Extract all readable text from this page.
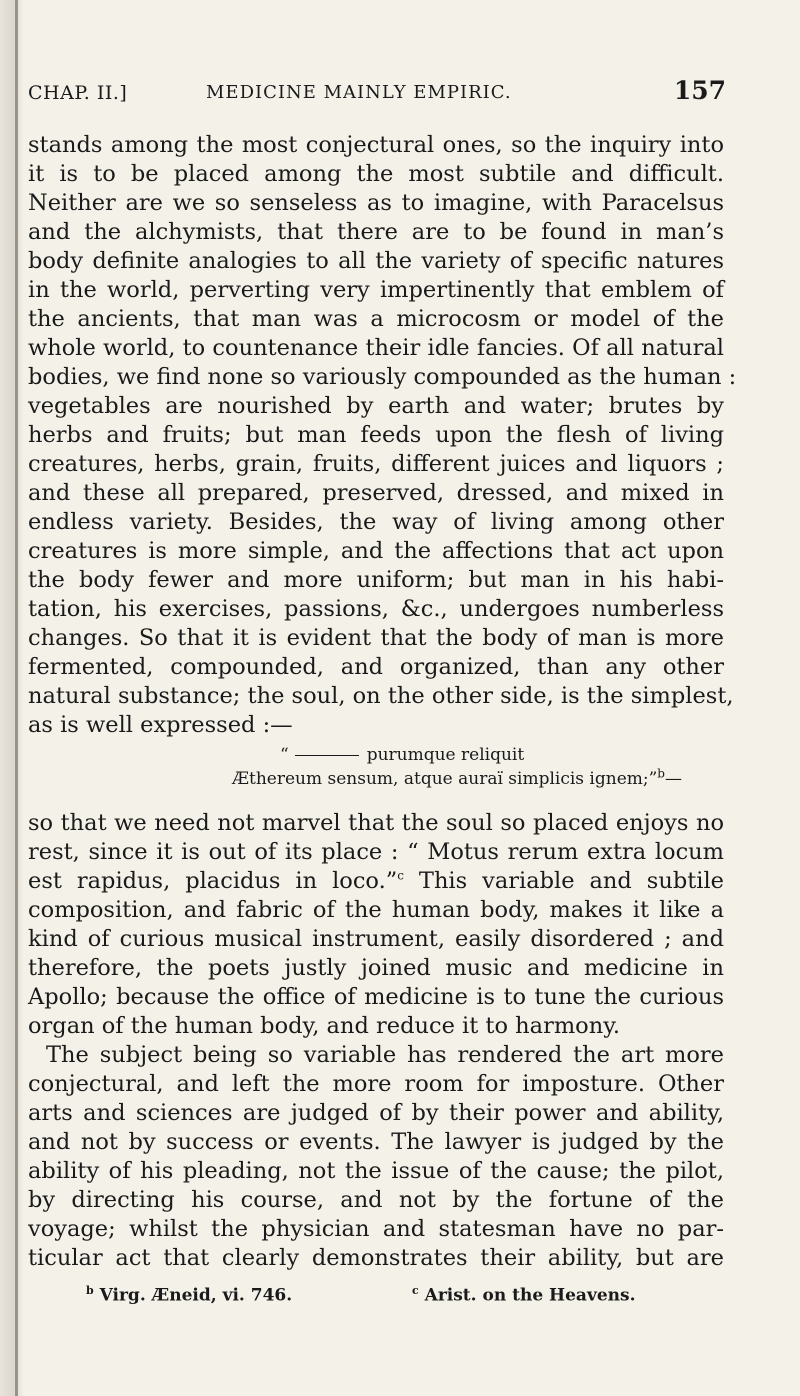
CHAP. II.]	MEDICINE MAINLY EMPIRIC.	157
stands among the most conjectural ones, so the inquiry into
it is to be placed among the most subtile and difficult.
Neither are we so senseless as to imagine, with Paracelsus
and the alchymists, that there are to be found in man’s
body definite analogies to all the variety of specific natures
in the world, perverting very impertinently that emblem of
the ancients, that man was a microcosm or model of the
whole world, to countenance their idle fancies. Of all natural
bodies, we find none so variously compounded as the human :
vegetables are nourished by earth and water; brutes by
herbs and fruits; but man feeds upon the flesh of living
creatures, herbs, grain, fruits, different juices and liquors ;
and these all prepared, preserved, dressed, and mixed in
endless variety. Besides, the way of living among other
creatures is more simple, and the affections that act upon
the body fewer and more uniform; but man in his habi-
tation, his exercises, passions, &c., undergoes numberless
changes. So that it is evident that the body of man is more
fermented, compounded, and organized, than any other
natural substance; the soul, on the other side, is the simplest,
as is well expressed :—
“	purumque reliquit
Æthereum sensum, atque auraï simplicis ignem;”$^b$—
so that we need not marvel that the soul so placed enjoys no
rest, since it is out of its place : “ Motus rerum extra locum
est rapidus, placidus in loco.”$^c$ This variable and subtile
composition, and fabric of the human body, makes it like a
kind of curious musical instrument, easily disordered ; and
therefore, the poets justly joined music and medicine in
Apollo; because the office of medicine is to tune the curious
organ of the human body, and reduce it to harmony.
The subject being so variable has rendered the art more
conjectural, and left the more room for imposture. Other
arts and sciences are judged of by their power and ability,
and not by success or events. The lawyer is judged by the
ability of his pleading, not the issue of the cause; the pilot,
by directing his course, and not by the fortune of the
voyage; whilst the physician and statesman have no par-
ticular act that clearly demonstrates their ability, but are
$^b$ Virg. Æneid, vi. 746.	$^c$ Arist. on the Heavens.
